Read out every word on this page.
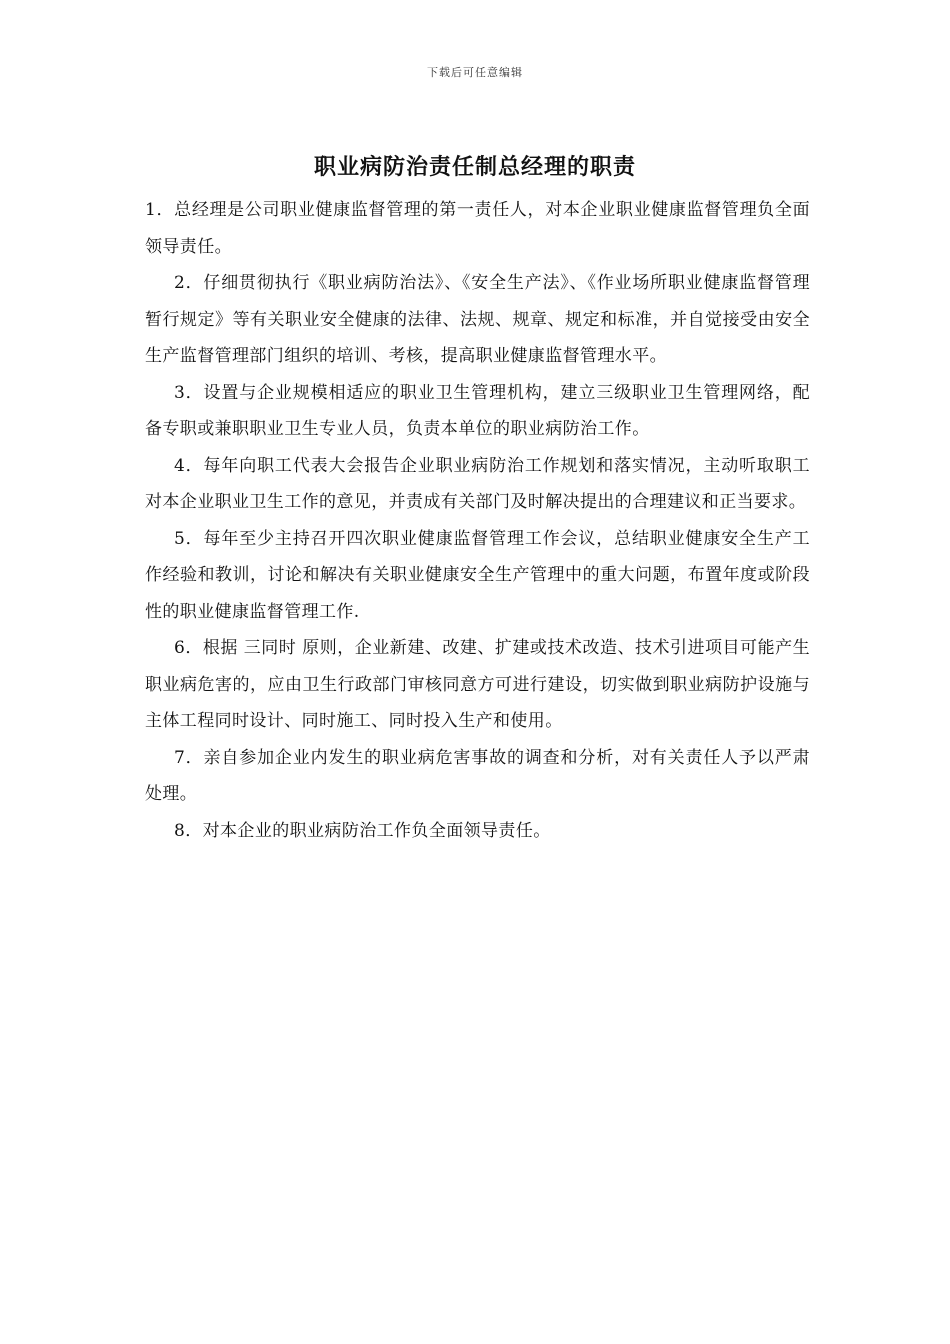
下载后可任意编辑
职业病防治责任制总经理的职责

1．总经理是公司职业健康监督管理的第一责任人，对本企业职业健康监督管理负全面领导责任。

2．仔细贯彻执行《职业病防治法》、《安全生产法》、《作业场所职业健康监督管理暂行规定》等有关职业安全健康的法律、法规、规章、规定和标准，并自觉接受由安全生产监督管理部门组织的培训、考核，提高职业健康监督管理水平。

3．设置与企业规模相适应的职业卫生管理机构，建立三级职业卫生管理网络，配备专职或兼职职业卫生专业人员，负责本单位的职业病防治工作。

4．每年向职工代表大会报告企业职业病防治工作规划和落实情况，主动听取职工对本企业职业卫生工作的意见，并责成有关部门及时解决提出的合理建议和正当要求。

5．每年至少主持召开四次职业健康监督管理工作会议，总结职业健康安全生产工作经验和教训，讨论和解决有关职业健康安全生产管理中的重大问题，布置年度或阶段性的职业健康监督管理工作.

6．根据 三同时 原则，企业新建、改建、扩建或技术改造、技术引进项目可能产生职业病危害的，应由卫生行政部门审核同意方可进行建设，切实做到职业病防护设施与主体工程同时设计、同时施工、同时投入生产和使用。

7．亲自参加企业内发生的职业病危害事故的调查和分析，对有关责任人予以严肃处理。

8．对本企业的职业病防治工作负全面领导责任。
